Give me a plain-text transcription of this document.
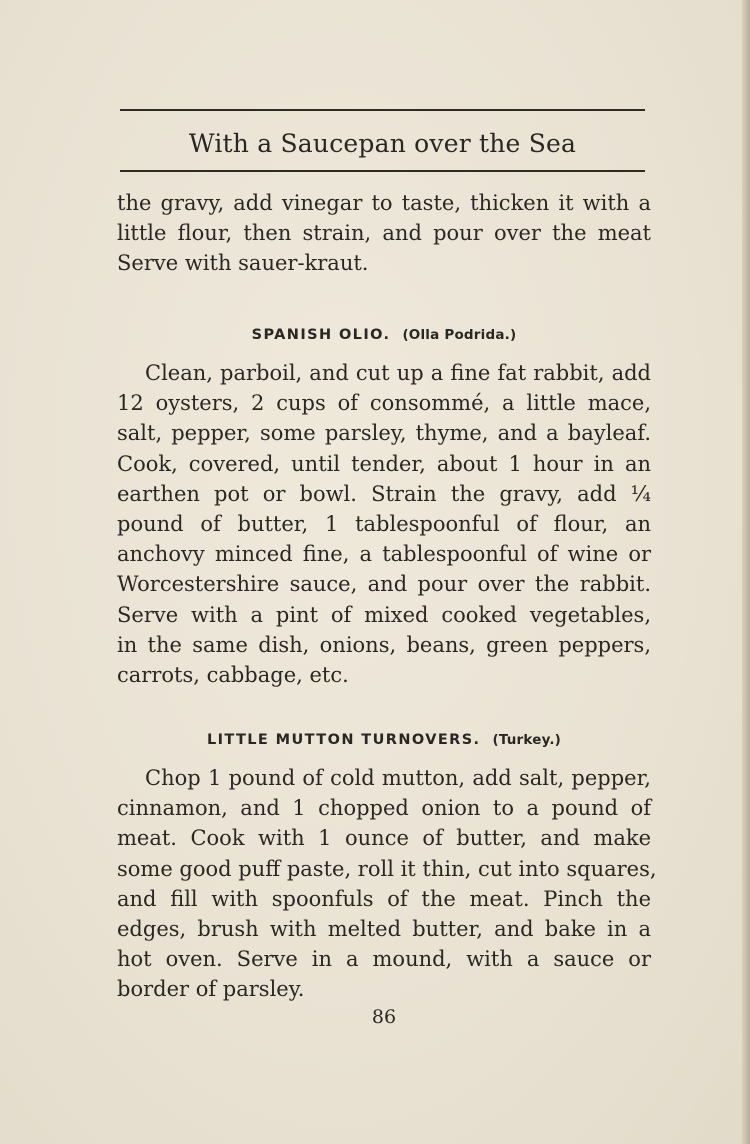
With a Saucepan over the Sea
the gravy, add vinegar to taste, thicken it with a
little flour, then strain, and pour over the meat
Serve with sauer-kraut.
SPANISH OLIO. (Olla Podrida.)
Clean, parboil, and cut up a fine fat rabbit, add
12 oysters, 2 cups of consommé, a little mace,
salt, pepper, some parsley, thyme, and a bayleaf.
Cook, covered, until tender, about 1 hour in an
earthen pot or bowl. Strain the gravy, add ¼
pound of butter, 1 tablespoonful of flour, an
anchovy minced fine, a tablespoonful of wine or
Worcestershire sauce, and pour over the rabbit.
Serve with a pint of mixed cooked vegetables,
in the same dish, onions, beans, green peppers,
carrots, cabbage, etc.
LITTLE MUTTON TURNOVERS. (Turkey.)
Chop 1 pound of cold mutton, add salt, pepper,
cinnamon, and 1 chopped onion to a pound of
meat. Cook with 1 ounce of butter, and make
some good puff paste, roll it thin, cut into squares,
and fill with spoonfuls of the meat. Pinch the
edges, brush with melted butter, and bake in a
hot oven. Serve in a mound, with a sauce or
border of parsley.
86
